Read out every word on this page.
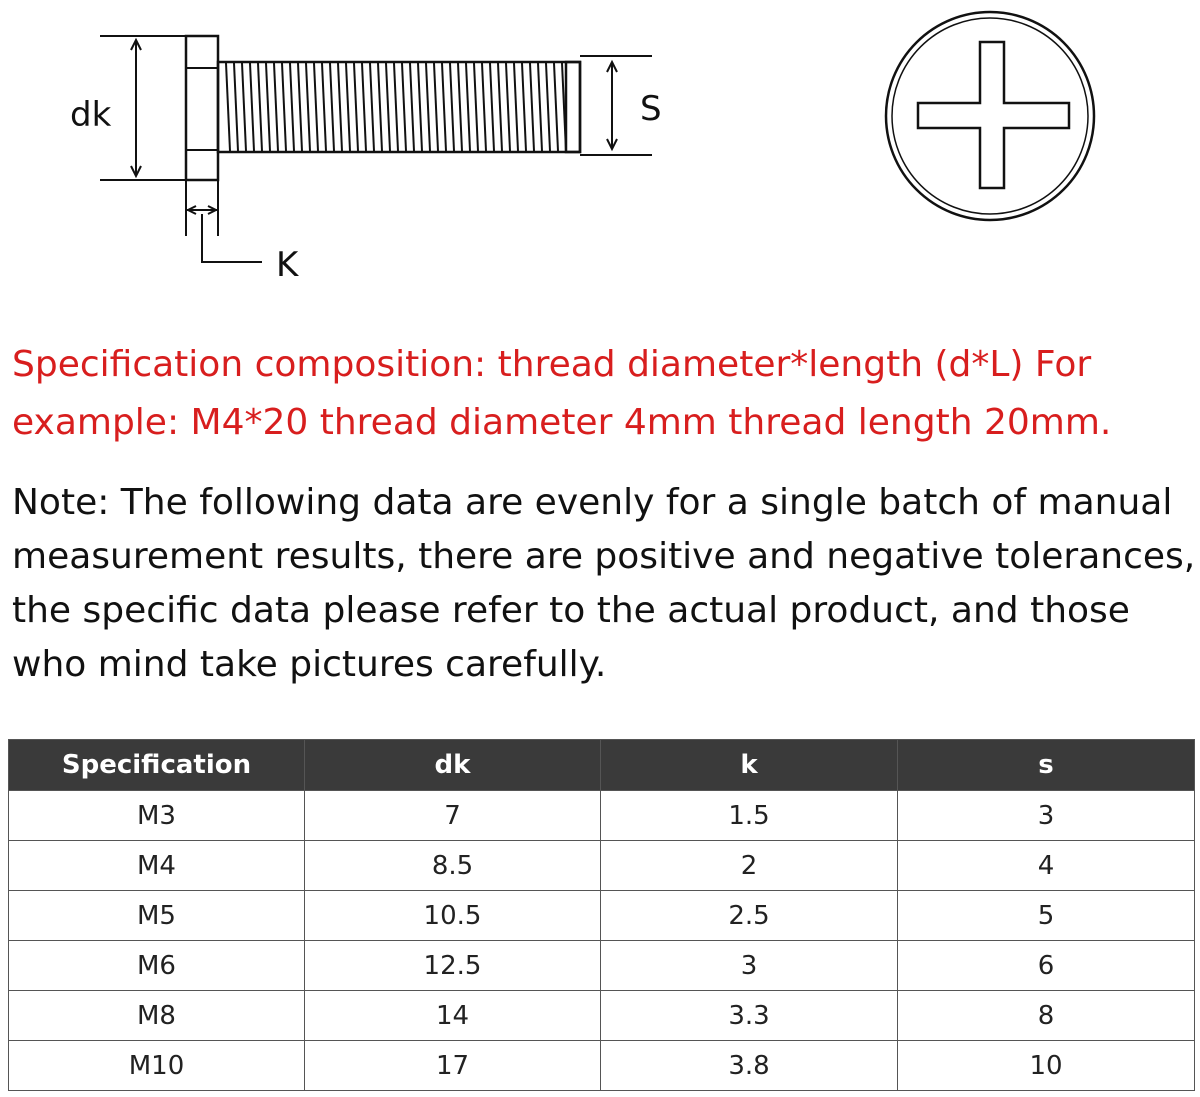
dk	S
K

Specification composition: thread diameter*length (d*L) For example: M4*20 thread diameter 4mm thread length 20mm.

Note: The following data are evenly for a single batch of manual measurement results, there are positive and negative tolerances, the specific data please refer to the actual product, and those who mind take pictures carefully.

Specification	dk	k	s
M3	7	1.5	3
M4	8.5	2	4
M5	10.5	2.5	5
M6	12.5	3	6
M8	14	3.3	8
M10	17	3.8	10
